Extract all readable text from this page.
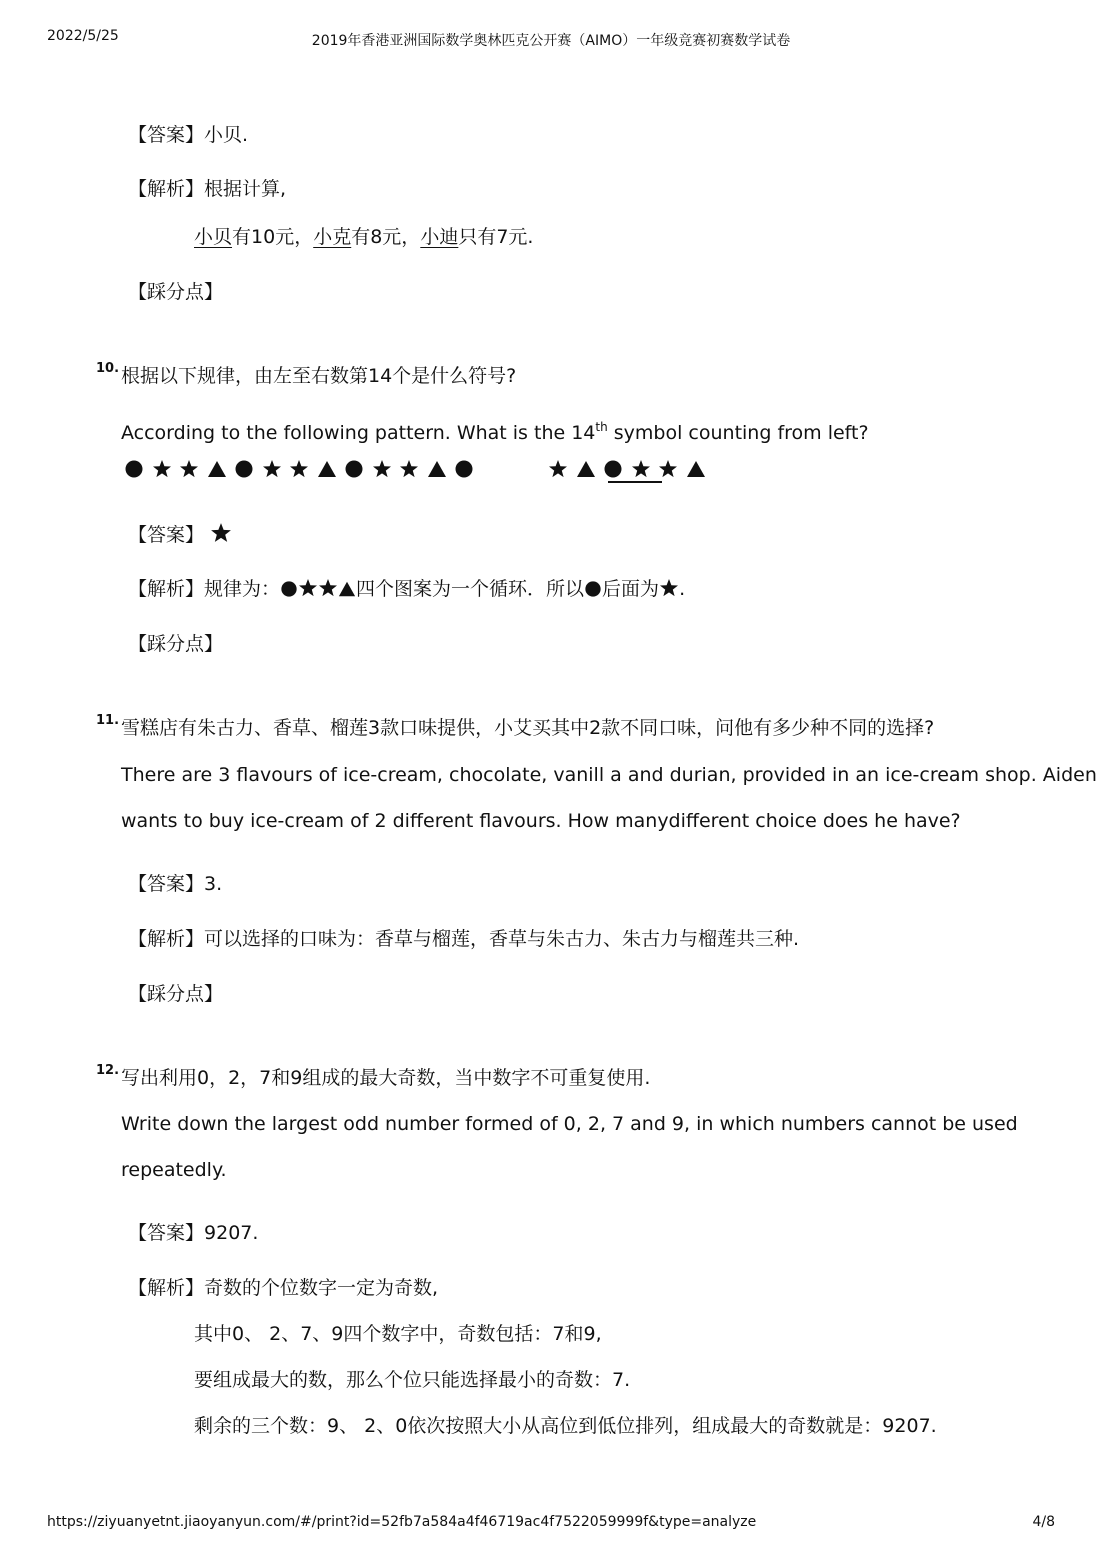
2022/5/25	2019年香港亚洲国际数学奥林匹克公开赛（AIMO）一年级竞赛初赛数学试卷
【答案】小贝.
【解析】根据计算,
小贝有10元，小克有8元，小迪只有7元.
【踩分点】
10. 根据以下规律，由左至右数第14个是什么符号?
According to the following pattern. What is the 14th symbol counting from left?
【答案】
【解析】规律为：	四个图案为一个循环．所以 后面为 .
【踩分点】
11. 雪糕店有朱古力、香草、榴莲3款口味提供，小艾买其中2款不同口味，问他有多少种不同的选择?
There are 3 flavours of ice-cream, chocolate, vanill a and durian, provided in an ice-cream shop. Aiden
wants to buy ice-cream of 2 different flavours. How manydifferent choice does he have?
【答案】3.
【解析】可以选择的口味为：香草与榴莲，香草与朱古力、朱古力与榴莲共三种.
【踩分点】
12. 写出利用0，2，7和9组成的最大奇数，当中数字不可重复使用.
Write down the largest odd number formed of 0, 2, 7 and 9, in which numbers cannot be used
repeatedly.
【答案】9207.
【解析】奇数的个位数字一定为奇数,
其中0、 2、7、9四个数字中，奇数包括：7和9,
要组成最大的数，那么个位只能选择最小的奇数：7.
剩余的三个数：9、 2、0依次按照大小从高位到低位排列，组成最大的奇数就是：9207.
https://ziyuanyetnt.jiaoyanyun.com/#/print?id=52fb7a584a4f46719ac4f7522059999f&type=analyze	4/8
